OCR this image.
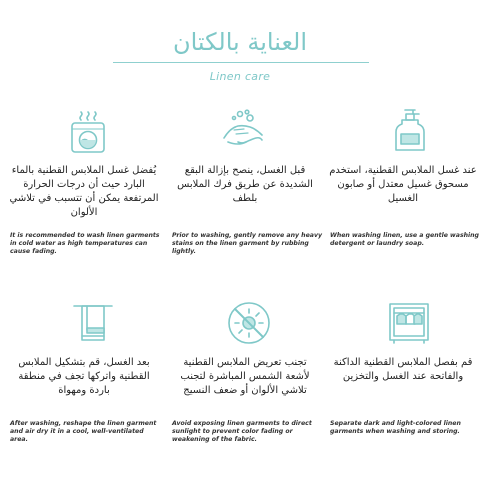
العناية بالكتان
Linen care
يُفضل غسل الملابس القطنية بالماء البارد حيث أن درجات الحرارة المرتفعة يمكن أن تتسبب في تلاشي الألوان
It is recommended to wash linen garments in cold water as high temperatures can cause fading.
قبل الغسل، ينصح بإزالة البقع الشديدة عن طريق فرك الملابس بلطف
Prior to washing, gently remove any heavy stains on the linen garment by rubbing lightly.
عند غسل الملابس القطنية، استخدم مسحوق غسيل معتدل أو صابون الغسيل
When washing linen, use a gentle washing detergent or laundry soap.
بعد الغسل، قم بتشكيل الملابس القطنية واتركها تجف في منطقة باردة ومهواة
After washing, reshape the linen garment and air dry it in a cool, well-ventilated area.
تجنب تعريض الملابس القطنية لأشعة الشمس المباشرة لتجنب تلاشي الألوان أو ضعف النسيج
Avoid exposing linen garments to direct sunlight to prevent color fading or weakening of the fabric.
قم بفصل الملابس القطنية الداكنة والفاتحة عند الغسل والتخزين
Separate dark and light-colored linen garments when washing and storing.
